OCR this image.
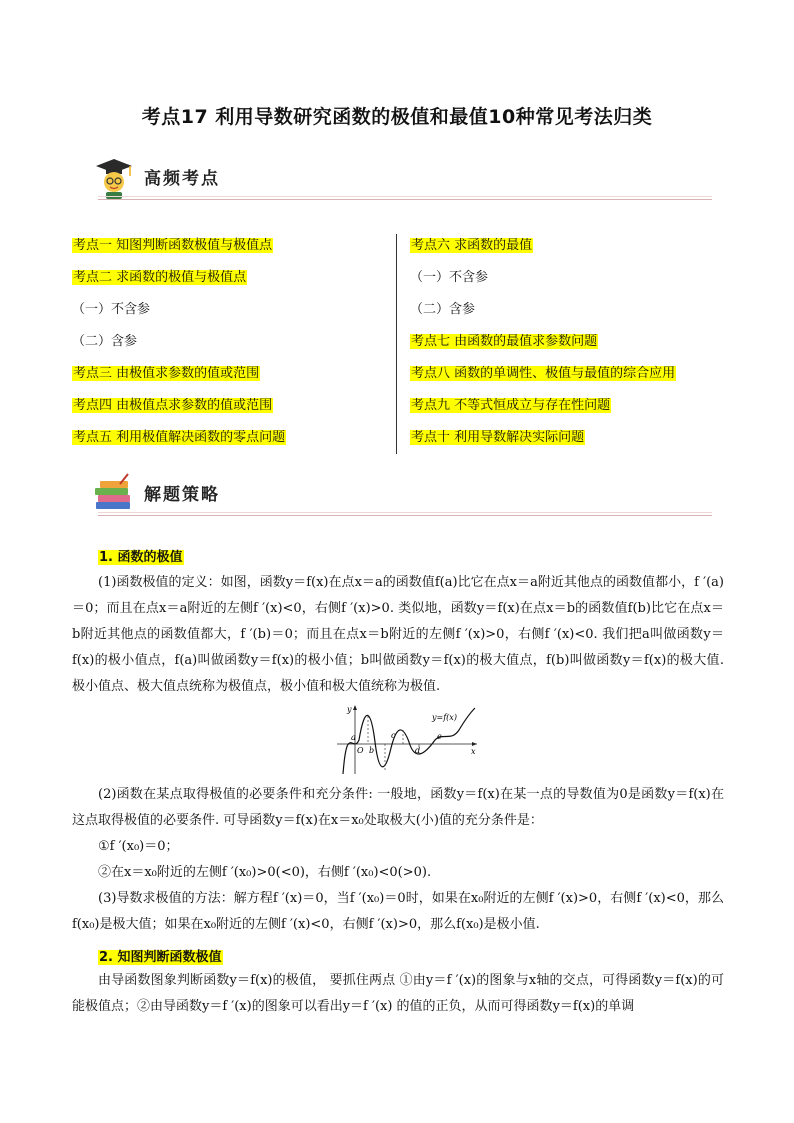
考点17 利用导数研究函数的极值和最值10种常见考法归类
高频考点
考点一 知图判断函数极值与极值点
考点二 求函数的极值与极值点
（一）不含参
（二）含参
考点三 由极值求参数的值或范围
考点四 由极值点求参数的值或范围
考点五 利用极值解决函数的零点问题
考点六 求函数的最值
（一）不含参
（二）含参
考点七 由函数的最值求参数问题
考点八 函数的单调性、极值与最值的综合应用
考点九 不等式恒成立与存在性问题
考点十 利用导数解决实际问题
解题策略
1. 函数的极值
(1)函数极值的定义：如图，函数y＝f(x)在点x＝a的函数值f(a)比它在点x＝a附近其他点的函数值都小，f ′(a)＝0；而且在点x＝a附近的左侧f ′(x)<0，右侧f ′(x)>0. 类似地，函数y＝f(x)在点x＝b的函数值f(b)比它在点x＝b附近其他点的函数值都大，f ′(b)＝0；而且在点x＝b附近的左侧f ′(x)>0，右侧f ′(x)<0. 我们把a叫做函数y＝f(x)的极小值点，f(a)叫做函数y＝f(x)的极小值；b叫做函数y＝f(x)的极大值点，f(b)叫做函数y＝f(x)的极大值. 极小值点、极大值点统称为极值点，极小值和极大值统称为极值.
y
x
y=f(x)
O
a
b
c
d
e
(2)函数在某点取得极值的必要条件和充分条件: 一般地，函数y＝f(x)在某一点的导数值为0是函数y＝f(x)在这点取得极值的必要条件. 可导函数y＝f(x)在x＝x₀处取极大(小)值的充分条件是：
①f ′(x₀)＝0；
②在x＝x₀附近的左侧f ′(x₀)>0(<0)，右侧f ′(x₀)<0(>0).
(3)导数求极值的方法：解方程f ′(x)＝0，当f ′(x₀)＝0时，如果在x₀附近的左侧f ′(x)>0，右侧f ′(x)<0，那么f(x₀)是极大值；如果在x₀附近的左侧f ′(x)<0，右侧f ′(x)>0，那么f(x₀)是极小值.
2. 知图判断函数极值
由导函数图象判断函数y＝f(x)的极值， 要抓住两点 ①由y＝f ′(x)的图象与x轴的交点，可得函数y＝f(x)的可能极值点；②由导函数y＝f ′(x)的图象可以看出y＝f ′(x) 的值的正负，从而可得函数y＝f(x)的单调
